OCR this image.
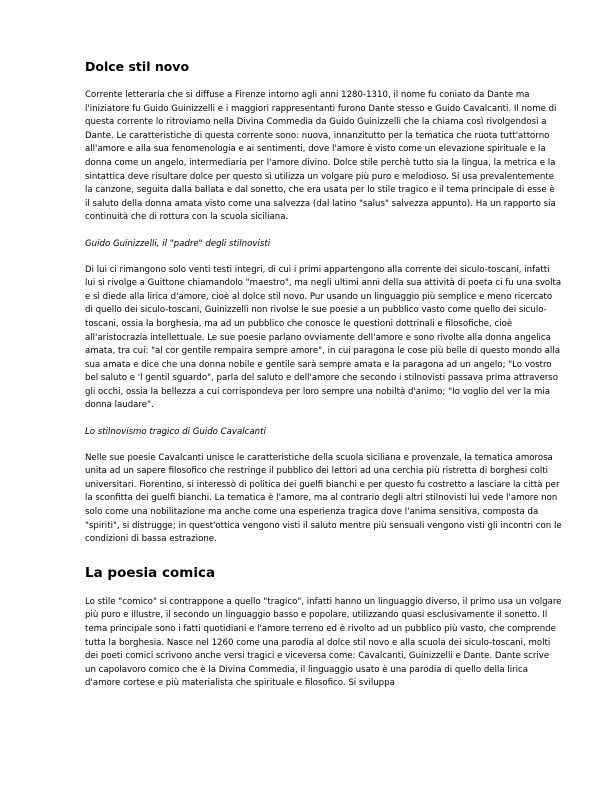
Dolce stil novo

Corrente letteraria che si diffuse a Firenze intorno agli anni 1280-1310, il nome fu coniato da Dante ma l'iniziatore fu Guido Guinizzelli e i maggiori rappresentanti furono Dante stesso e Guido Cavalcanti. Il nome di questa corrente lo ritroviamo nella Divina Commedia da Guido Guinizzelli che la chiama così rivolgendosi a Dante. Le caratteristiche di questa corrente sono: nuova, innanzitutto per la tematica che ruota tutt'attorno all'amore e alla sua fenomenologia e ai sentimenti, dove l'amore è visto come un elevazione spirituale e la donna come un angelo, intermediaria per l'amore divino. Dolce stile perchè tutto sia la lingua, la metrica e la sintattica deve risultare dolce per questo si utilizza un volgare più puro e melodioso. Si usa prevalentemente la canzone, seguita dalla ballata e dal sonetto, che era usata per lo stile tragico e il tema principale di esse è il saluto della donna amata visto come una salvezza (dal latino "salus" salvezza appunto). Ha un rapporto sia continuità che di rottura con la scuola siciliana.

Guido Guinizzelli, il "padre" degli stilnovisti

Di lui ci rimangono solo venti testi integri, di cui i primi appartengono alla corrente dei siculo-toscani, infatti lui si rivolge a Guittone chiamandolo "maestro", ma negli ultimi anni della sua attività di poeta ci fu una svolta e si diede alla lirica d'amore, cioè al dolce stil novo. Pur usando un linguaggio più semplice e meno ricercato di quello dei siculo-toscani, Guinizzelli non rivolse le sue poesie a un pubblico vasto come quello dei siculo-toscani, ossia la borghesia, ma ad un pubblico che conosce le questioni dottrinali e filosofiche, cioè all'aristocrazia intellettuale. Le sue poesie parlano ovviamente dell'amore e sono rivolte alla donna angelica amata, tra cui: "al cor gentile rempaira sempre amore", in cui paragona le cose più belle di questo mondo alla sua amata e dice che una donna nobile e gentile sarà sempre amata e la paragona ad un angelo; "Lo vostro bel saluto e 'l gentil sguardo", parla del saluto e dell'amore che secondo i stilnovisti passava prima attraverso gli occhi, ossia la bellezza a cui corrispondeva per loro sempre una nobiltà d'animo; "Io voglio del ver la mia donna laudare".

Lo stilnovismo tragico di Guido Cavalcanti

Nelle sue poesie Cavalcanti unisce le caratteristiche della scuola siciliana e provenzale, la tematica amorosa unita ad un sapere filosofico che restringe il pubblico dei lettori ad una cerchia più ristretta di borghesi colti universitari. Fiorentino, si interessò di politica dei guelfi bianchi e per questo fu costretto a lasciare la città per la sconfitta dei guelfi bianchi. La tematica è l'amore, ma al contrario degli altri stilnovisti lui vede l'amore non solo come una nobilitazione ma anche come una esperienza tragica dove l'anima sensitiva, composta da "spiriti", si distrugge; in quest'ottica vengono visti il saluto mentre più sensuali vengono visti gli incontri con le condizioni di bassa estrazione.

La poesia comica

Lo stile "comico" si contrappone a quello "tragico", infatti hanno un linguaggio diverso, il primo usa un volgare più puro e illustre, il secondo un linguaggio basso e popolare, utilizzando quasi esclusivamente il sonetto. Il tema principale sono i fatti quotidiani e l'amore terreno ed è rivolto ad un pubblico più vasto, che comprende tutta la borghesia. Nasce nel 1260 come una parodia al dolce stil novo e alla scuola dei siculo-toscani, molti dei poeti comici scrivono anche versi tragici e viceversa come: Cavalcanti, Guinizzelli e Dante. Dante scrive un capolavoro comico che è la Divina Commedia, il linguaggio usato è una parodia di quello della lirica d'amore cortese e più materialista che spirituale e filosofico. Si sviluppa
